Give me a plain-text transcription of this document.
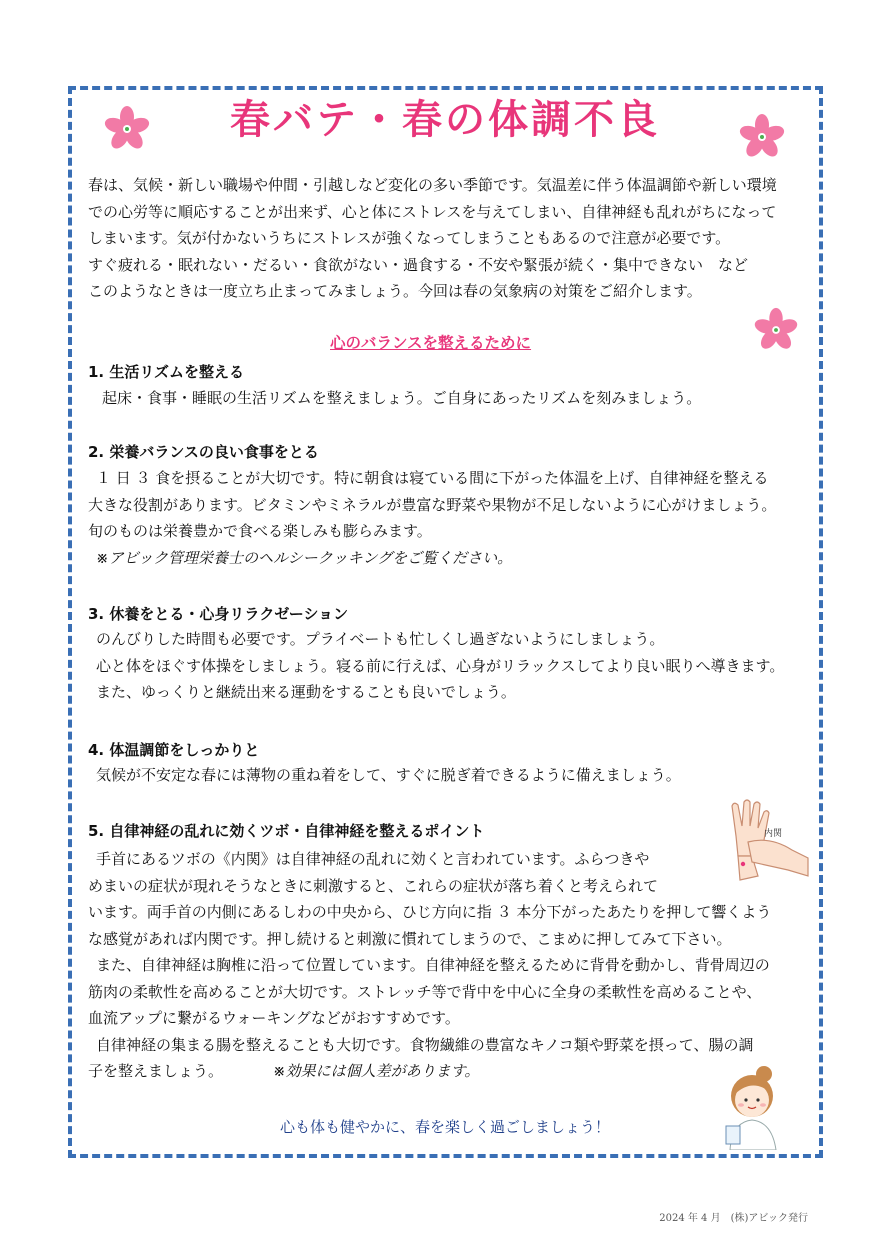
春バテ・春の体調不良
春は、気候・新しい職場や仲間・引越しなど変化の多い季節です。気温差に伴う体温調節や新しい環境
での心労等に順応することが出来ず、心と体にストレスを与えてしまい、自律神経も乱れがちになって
しまいます。気が付かないうちにストレスが強くなってしまうこともあるので注意が必要です。
すぐ疲れる・眠れない・だるい・食欲がない・過食する・不安や緊張が続く・集中できない　など
このようなときは一度立ち止まってみましょう。今回は春の気象病の対策をご紹介します。
心のバランスを整えるために
1. 生活リズムを整える
起床・食事・睡眠の生活リズムを整えましょう。ご自身にあったリズムを刻みましょう。
2. 栄養バランスの良い食事をとる
１ 日 ３ 食を摂ることが大切です。特に朝食は寝ている間に下がった体温を上げ、自律神経を整える
大きな役割があります。ビタミンやミネラルが豊富な野菜や果物が不足しないように心がけましょう。
旬のものは栄養豊かで食べる楽しみも膨らみます。
※アビック管理栄養士のヘルシークッキングをご覧ください。
3. 休養をとる・心身リラクゼーション
のんびりした時間も必要です。プライベートも忙しくし過ぎないようにしましょう。
心と体をほぐす体操をしましょう。寝る前に行えば、心身がリラックスしてより良い眠りへ導きます。
また、ゆっくりと継続出来る運動をすることも良いでしょう。
4. 体温調節をしっかりと
気候が不安定な春には薄物の重ね着をして、すぐに脱ぎ着できるように備えましょう。
5. 自律神経の乱れに効くツボ・自律神経を整えるポイント
手首にあるツボの《内関》は自律神経の乱れに効くと言われています。ふらつきや
めまいの症状が現れそうなときに刺激すると、これらの症状が落ち着くと考えられて
います。両手首の内側にあるしわの中央から、ひじ方向に指 ３ 本分下がったあたりを押して響くよう
な感覚があれば内関です。押し続けると刺激に慣れてしまうので、こまめに押してみて下さい。
また、自律神経は胸椎に沿って位置しています。自律神経を整えるために背骨を動かし、背骨周辺の
筋肉の柔軟性を高めることが大切です。ストレッチ等で背中を中心に全身の柔軟性を高めることや、
血流アップに繋がるウォーキングなどがおすすめです。
自律神経の集まる腸を整えることも大切です。食物繊維の豊富なキノコ類や野菜を摂って、腸の調
子を整えましょう。	※効果には個人差があります。
内関
心も体も健やかに、春を楽しく過ごしましょう！
2024 年 4 月　(株)アビック発行
